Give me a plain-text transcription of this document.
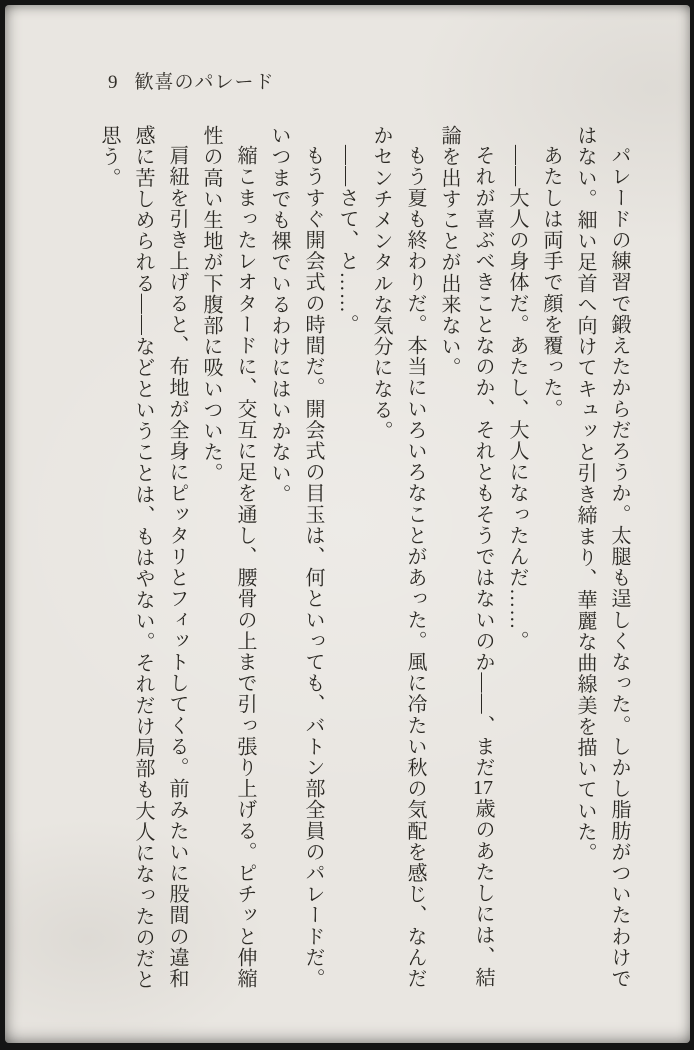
9 歓喜のパレード

パレードの練習で鍛えたからだろうか。太腿も逞しくなった。しかし脂肪がついたわけではない。細い足首へ向けてキュッと引き締まり、華麗な曲線美を描いていた。

あたしは両手で顔を覆った。

――大人の身体だ。あたし、大人になったんだ……。

それが喜ぶべきことなのか、それともそうではないのか――、まだ17歳のあたしには、結論を出すことが出来ない。

もう夏も終わりだ。本当にいろいろなことがあった。風に冷たい秋の気配を感じ、なんだかセンチメンタルな気分になる。

――さて、と……。

もうすぐ開会式の時間だ。開会式の目玉は、何といっても、バトン部全員のパレードだ。いつまでも裸でいるわけにはいかない。

縮こまったレオタードに、交互に足を通し、腰骨の上まで引っ張り上げる。ピチッと伸縮性の高い生地が下腹部に吸いついた。

肩紐を引き上げると、布地が全身にピッタリとフィットしてくる。前みたいに股間の違和感に苦しめられる――などということは、もはやない。それだけ局部も大人になったのだと思う。
